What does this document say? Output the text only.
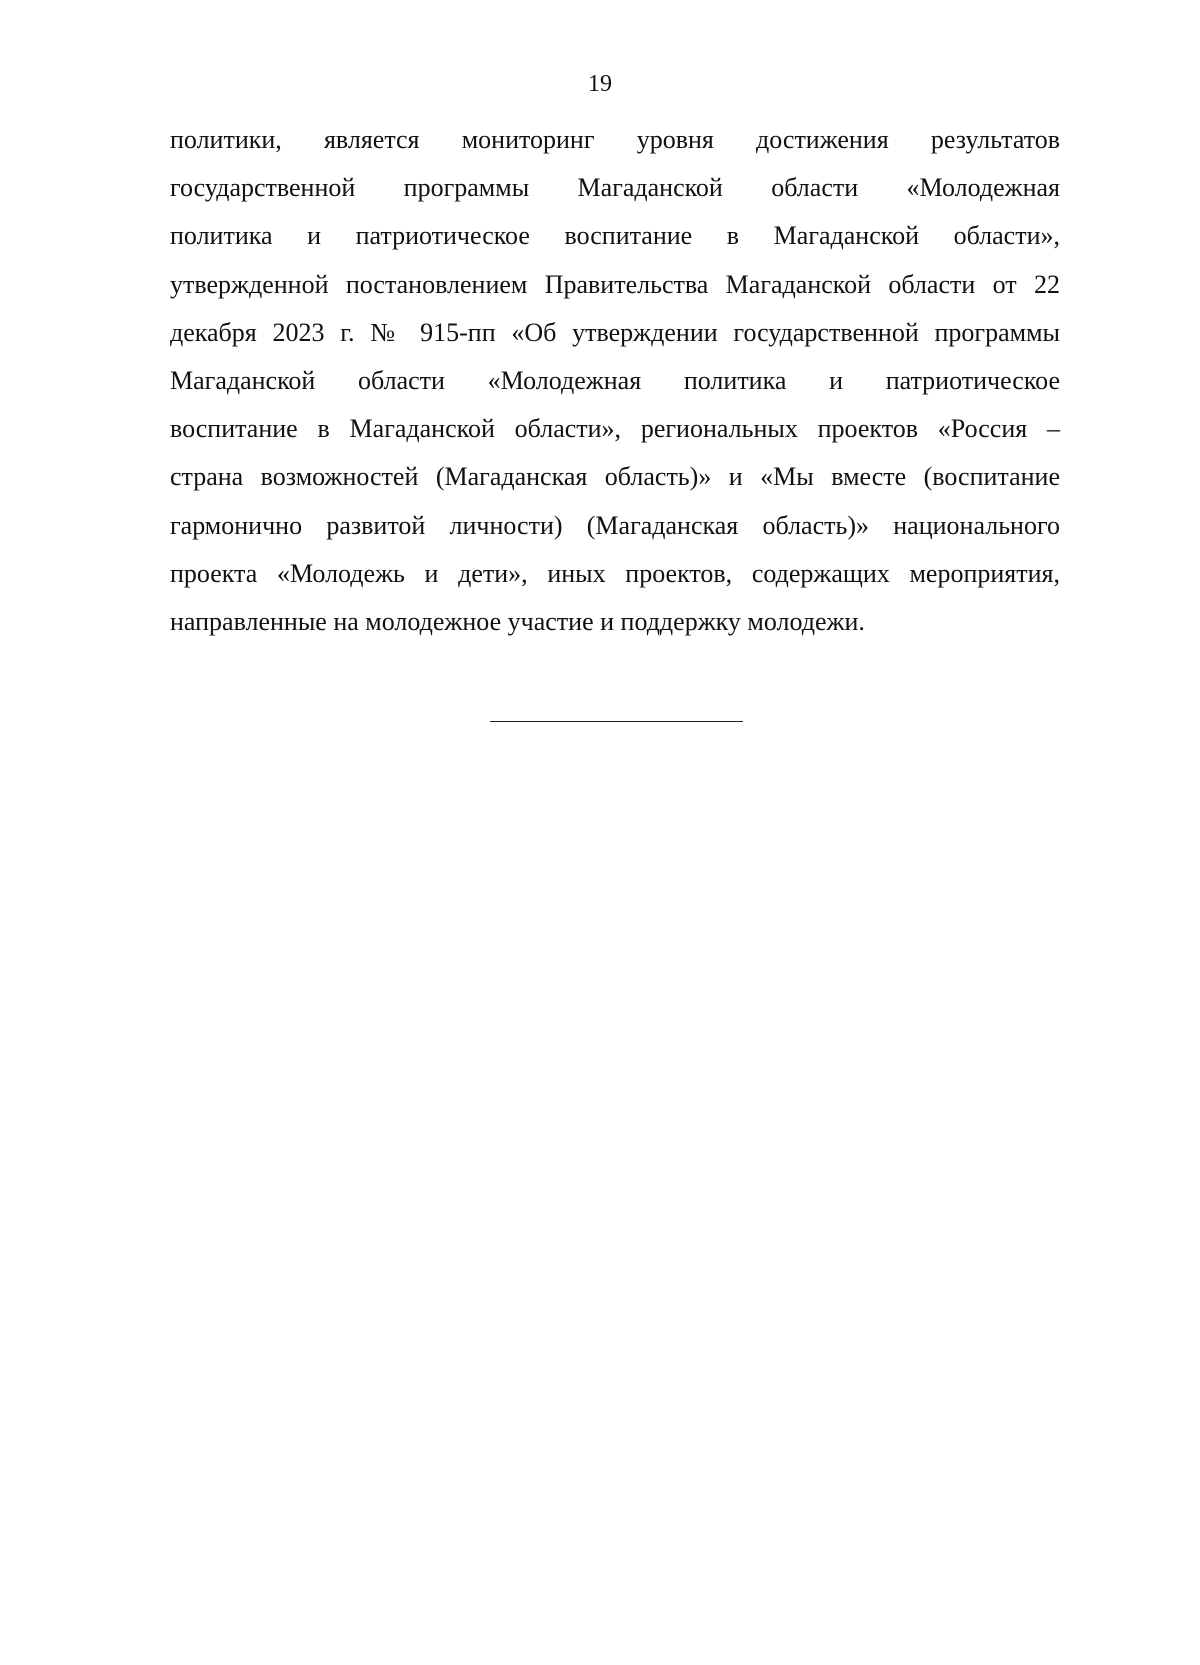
19
политики, является мониторинг уровня достижения результатов
государственной программы Магаданской области «Молодежная
политика и патриотическое воспитание в Магаданской области»,
утвержденной постановлением Правительства Магаданской области от 22
декабря 2023 г. № 915-пп «Об утверждении государственной программы
Магаданской области «Молодежная политика и патриотическое
воспитание в Магаданской области», региональных проектов «Россия –
страна возможностей (Магаданская область)» и «Мы вместе (воспитание
гармонично развитой личности) (Магаданская область)» национального
проекта «Молодежь и дети», иных проектов, содержащих мероприятия,
направленные на молодежное участие и поддержку молодежи.
